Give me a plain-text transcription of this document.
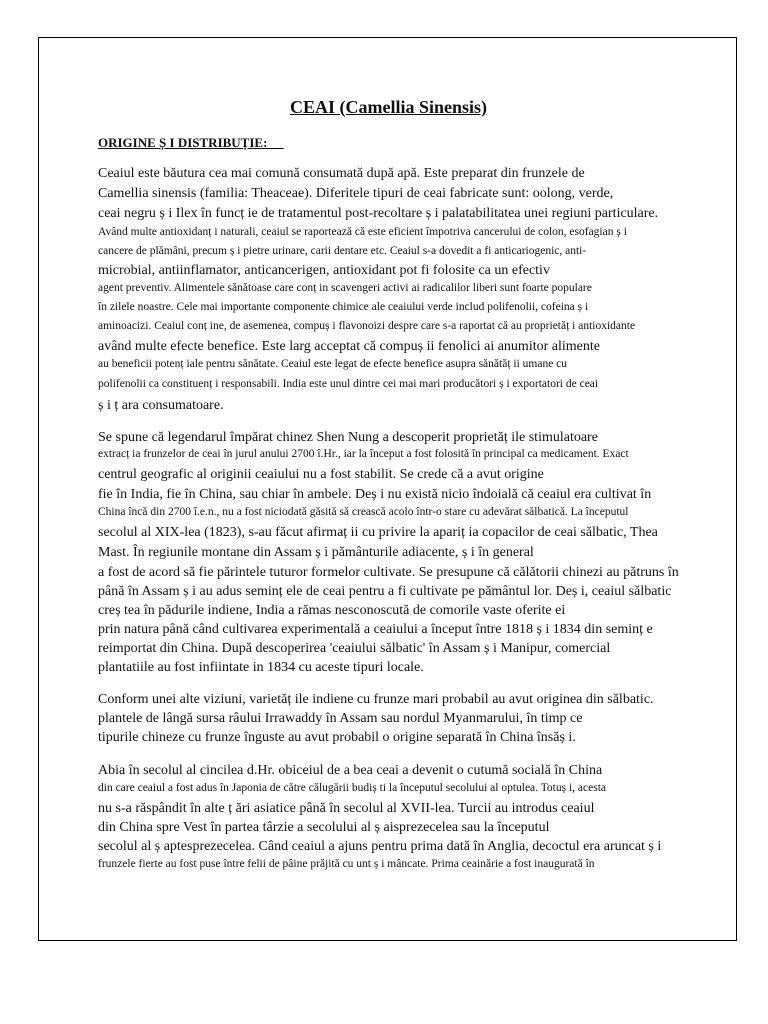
CEAI (Camellia Sinensis)
ORIGINE Ș I DISTRIBUȚIE:
Ceaiul este băutura cea mai comună consumată după apă. Este preparat din frunzele de
Camellia sinensis (familia: Theaceae). Diferitele tipuri de ceai fabricate sunt: oolong, verde,
ceai negru ș i Ilex în funcț ie de tratamentul post-recoltare ș i palatabilitatea unei regiuni particulare.
Având multe antioxidanț i naturali, ceaiul se raportează că este eficient împotriva cancerului de colon, esofagian ș i
cancere de plămâni, precum ș i pietre urinare, carii dentare etc. Ceaiul s-a dovedit a fi anticariogenic, anti-
microbial, antiinflamator, anticancerigen, antioxidant pot fi folosite ca un efectiv
agent preventiv. Alimentele sănătoase care conț in scavengeri activi ai radicalilor liberi sunt foarte populare
în zilele noastre. Cele mai importante componente chimice ale ceaiului verde includ polifenolii, cofeina ș i
aminoacizi. Ceaiul conț ine, de asemenea, compuș i flavonoizi despre care s-a raportat că au proprietăț i antioxidante
având multe efecte benefice. Este larg acceptat că compuș ii fenolici ai anumitor alimente
au beneficii potenț iale pentru sănătate. Ceaiul este legat de efecte benefice asupra sănătăț ii umane cu
polifenolii ca constituenț i responsabili. India este unul dintre cei mai mari producători ș i exportatori de ceai
ș i ț ara consumatoare.
Se spune că legendarul împărat chinez Shen Nung a descoperit proprietăț ile stimulatoare
extracț ia frunzelor de ceai în jurul anului 2700 î.Hr., iar la început a fost folosită în principal ca medicament. Exact
centrul geografic al originii ceaiului nu a fost stabilit. Se crede că a avut origine
fie în India, fie în China, sau chiar în ambele. Deș i nu există nicio îndoială că ceaiul era cultivat în
China încă din 2700 î.e.n., nu a fost niciodată găsită să crească acolo într-o stare cu adevărat sălbatică. La începutul
secolul al XIX-lea (1823), s-au făcut afirmaț ii cu privire la apariț ia copacilor de ceai sălbatic, Thea
Mast. În regiunile montane din Assam ș i pământurile adiacente, ș i în general
a fost de acord să fie părintele tuturor formelor cultivate. Se presupune că călătorii chinezi au pătruns în
până în Assam ș i au adus seminț ele de ceai pentru a fi cultivate pe pământul lor. Deș i, ceaiul sălbatic
creș tea în pădurile indiene, India a rămas nesconoscută de comorile vaste oferite ei
prin natura până când cultivarea experimentală a ceaiului a început între 1818 ș i 1834 din seminț e
reimportat din China. După descoperirea 'ceaiului sălbatic' în Assam ș i Manipur, comercial
plantatiile au fost infiintate in 1834 cu aceste tipuri locale.
Conform unei alte viziuni, varietăț ile indiene cu frunze mari probabil au avut originea din sălbatic.
plantele de lângă sursa râului Irrawaddy în Assam sau nordul Myanmarului, în timp ce
tipurile chineze cu frunze înguste au avut probabil o origine separată în China însăș i.
Abia în secolul al cincilea d.Hr. obiceiul de a bea ceai a devenit o cutumă socială în China
din care ceaiul a fost adus în Japonia de către călugării budiș ti la începutul secolului al optulea. Totuș i, acesta
nu s-a răspândit în alte ț ări asiatice până în secolul al XVII-lea. Turcii au introdus ceaiul
din China spre Vest în partea târzie a secolului al ș aisprezecelea sau la începutul
secolul al ș aptesprezecelea. Când ceaiul a ajuns pentru prima dată în Anglia, decoctul era aruncat ș i
frunzele fierte au fost puse între felii de pâine prăjită cu unt ș i mâncate. Prima ceainărie a fost inaugurată în
